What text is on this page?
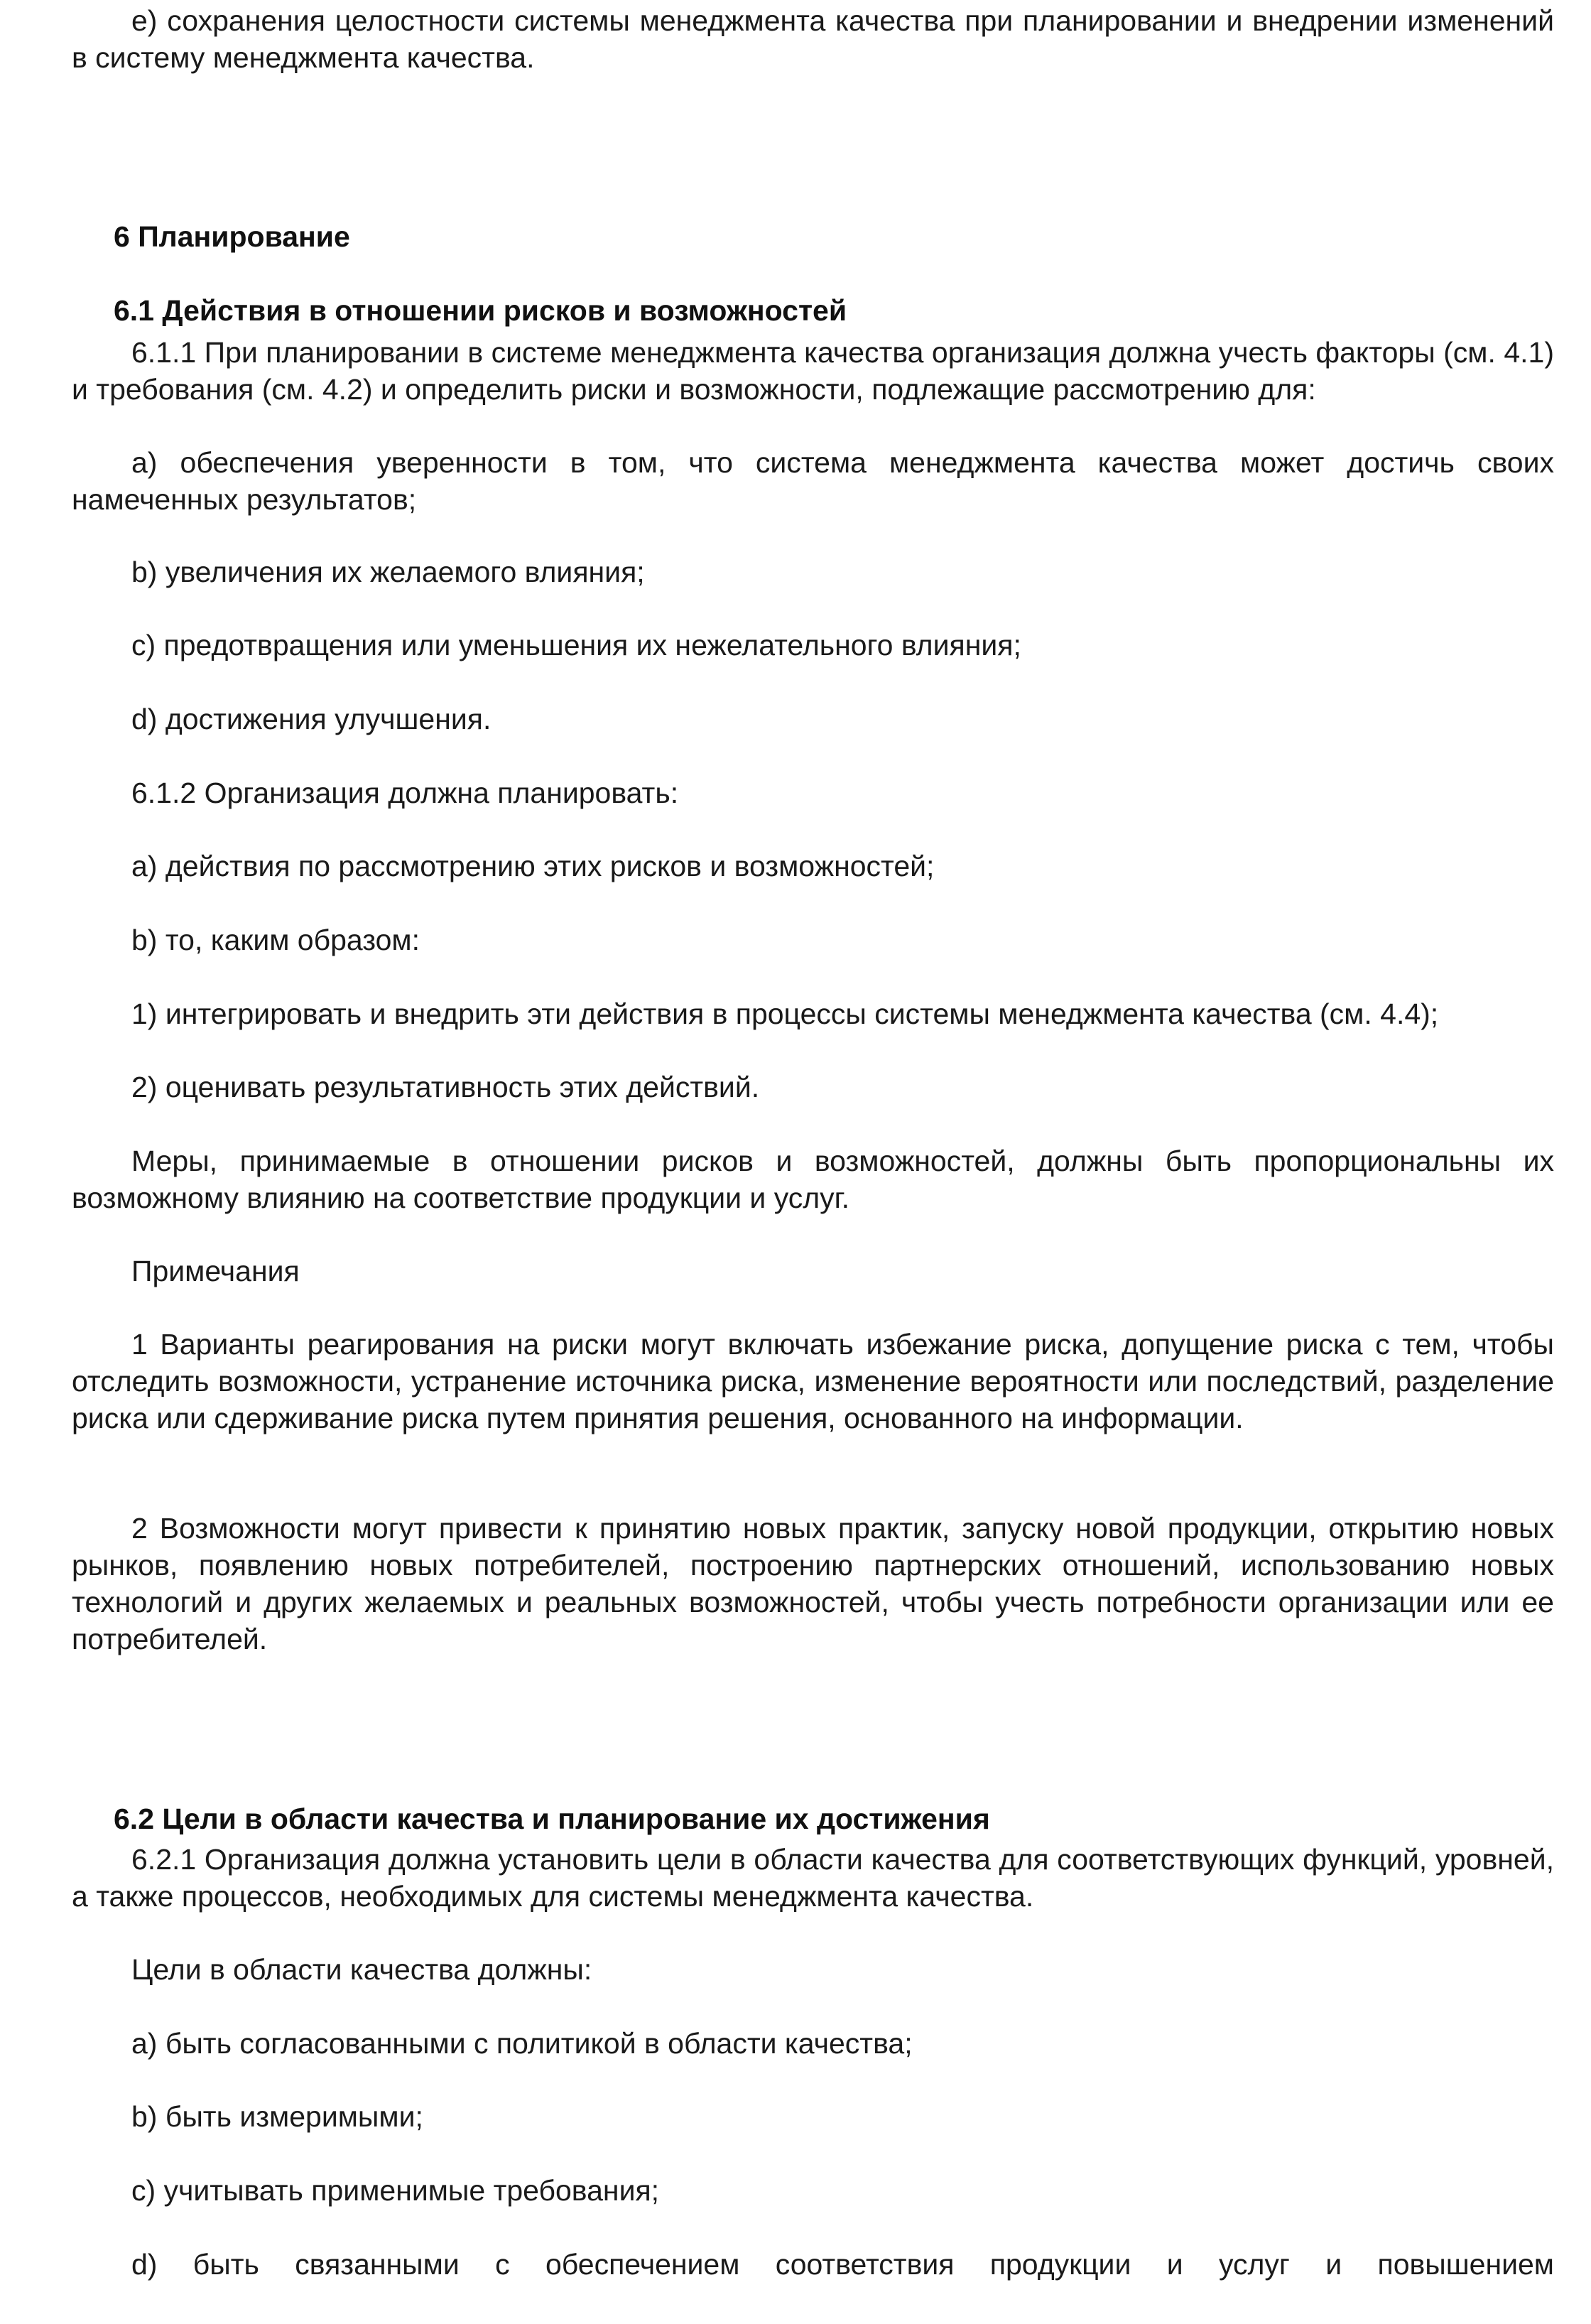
е) сохранения целостности системы менеджмента качества при планировании и внедрении изменений в систему менеджмента качества.

6 Планирование
6.1 Действия в отношении рисков и возможностей

6.1.1 При планировании в системе менеджмента качества организация должна учесть факторы (см. 4.1) и требования (см. 4.2) и определить риски и возможности, подлежащие рассмотрению для:

а) обеспечения уверенности в том, что система менеджмента качества может достичь своих намеченных результатов;

b) увеличения их желаемого влияния;

с) предотвращения или уменьшения их нежелательного влияния;

d) достижения улучшения.

6.1.2 Организация должна планировать:

а) действия по рассмотрению этих рисков и возможностей;

b) то, каким образом:

1) интегрировать и внедрить эти действия в процессы системы менеджмента качества (см. 4.4);

2) оценивать результативность этих действий.

Меры, принимаемые в отношении рисков и возможностей, должны быть пропорциональны их возможному влиянию на соответствие продукции и услуг.

Примечания

1 Варианты реагирования на риски могут включать избежание риска, допущение риска с тем, чтобы отследить возможности, устранение источника риска, изменение вероятности или последствий, разделение риска или сдерживание риска путем принятия решения, основанного на информации.

2 Возможности могут привести к принятию новых практик, запуску новой продукции, открытию новых рынков, появлению новых потребителей, построению партнерских отношений, использованию новых технологий и других желаемых и реальных возможностей, чтобы учесть потребности организации или ее потребителей.

6.2 Цели в области качества и планирование их достижения

6.2.1 Организация должна установить цели в области качества для соответствующих функций, уровней, а также процессов, необходимых для системы менеджмента качества.

Цели в области качества должны:

а) быть согласованными с политикой в области качества;

b) быть измеримыми;

с) учитывать применимые требования;

d) быть связанными с обеспечением соответствия продукции и услуг и повышением
